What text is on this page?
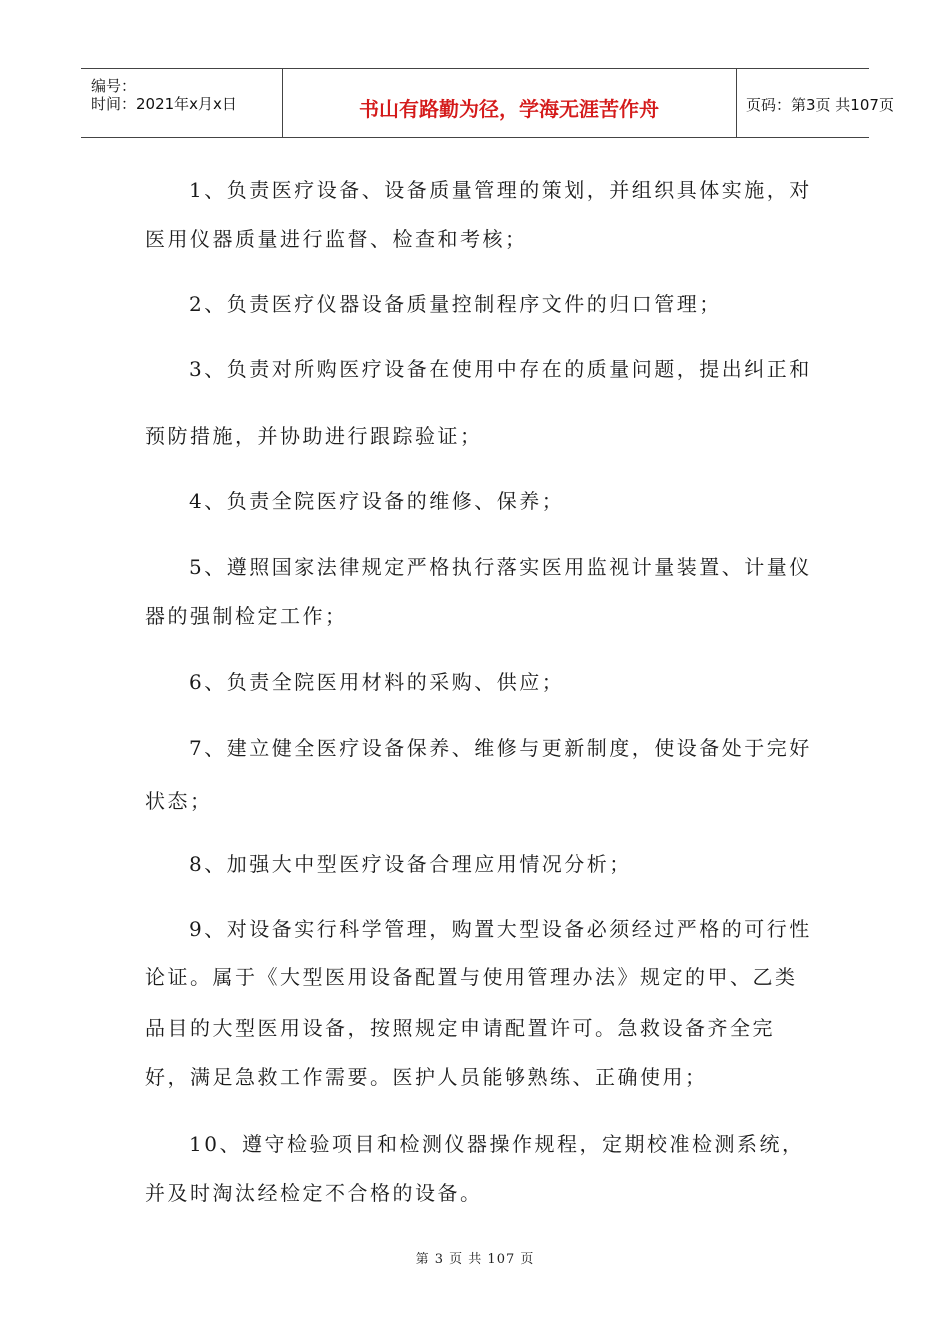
编号：
时间：2021年x月x日	书山有路勤为径，学海无涯苦作舟	页码：第3页 共107页
1、负责医疗设备、设备质量管理的策划，并组织具体实施，对
医用仪器质量进行监督、检查和考核；
2、负责医疗仪器设备质量控制程序文件的归口管理；
3、负责对所购医疗设备在使用中存在的质量问题，提出纠正和
预防措施，并协助进行跟踪验证；
4、负责全院医疗设备的维修、保养；
5、遵照国家法律规定严格执行落实医用监视计量装置、计量仪
器的强制检定工作；
6、负责全院医用材料的采购、供应；
7、建立健全医疗设备保养、维修与更新制度，使设备处于完好
状态；
8、加强大中型医疗设备合理应用情况分析；
9、对设备实行科学管理，购置大型设备必须经过严格的可行性
论证。属于《大型医用设备配置与使用管理办法》规定的甲、乙类
品目的大型医用设备，按照规定申请配置许可。急救设备齐全完
好，满足急救工作需要。医护人员能够熟练、正确使用；
10、遵守检验项目和检测仪器操作规程，定期校准检测系统，
并及时淘汰经检定不合格的设备。
第 3 页 共 107 页
